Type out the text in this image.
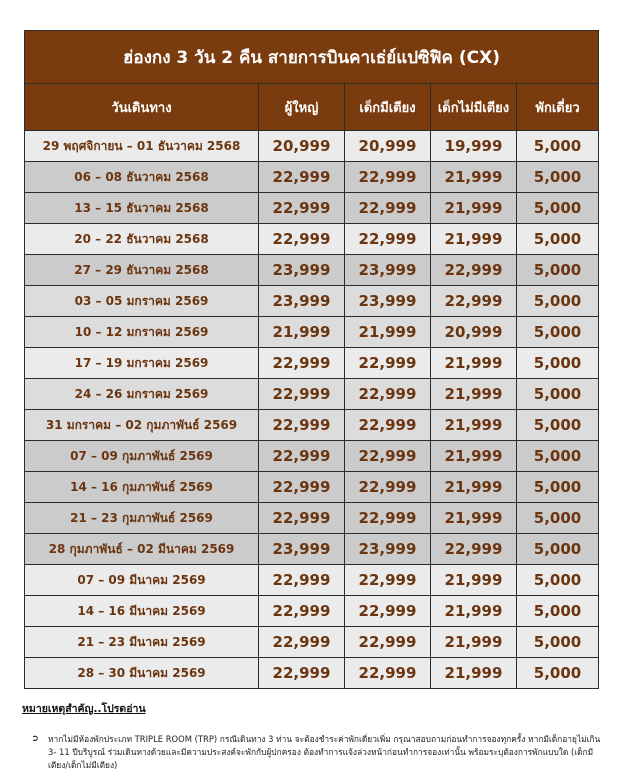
ฮ่องกง 3 วัน 2 คืน สายการบินคาเธ่ย์แปซิฟิค (CX)				
วันเดินทาง	ผู้ใหญ่	เด็กมีเตียง	เด็กไม่มีเตียง	พักเดี่ยว
29 พฤศจิกายน – 01 ธันวาคม 2568	20,999	20,999	19,999	5,000
06 – 08 ธันวาคม 2568	22,999	22,999	21,999	5,000
13 – 15 ธันวาคม 2568	22,999	22,999	21,999	5,000
20 – 22 ธันวาคม 2568	22,999	22,999	21,999	5,000
27 – 29 ธันวาคม 2568	23,999	23,999	22,999	5,000
03 – 05 มกราคม 2569	23,999	23,999	22,999	5,000
10 – 12 มกราคม 2569	21,999	21,999	20,999	5,000
17 – 19 มกราคม 2569	22,999	22,999	21,999	5,000
24 – 26 มกราคม 2569	22,999	22,999	21,999	5,000
31 มกราคม – 02 กุมภาพันธ์ 2569	22,999	22,999	21,999	5,000
07 – 09 กุมภาพันธ์ 2569	22,999	22,999	21,999	5,000
14 – 16 กุมภาพันธ์ 2569	22,999	22,999	21,999	5,000
21 – 23 กุมภาพันธ์ 2569	22,999	22,999	21,999	5,000
28 กุมภาพันธ์ – 02 มีนาคม 2569	23,999	23,999	22,999	5,000
07 – 09 มีนาคม 2569	22,999	22,999	21,999	5,000
14 – 16 มีนาคม 2569	22,999	22,999	21,999	5,000
21 – 23 มีนาคม 2569	22,999	22,999	21,999	5,000
28 – 30 มีนาคม 2569	22,999	22,999	21,999	5,000
หมายเหตุสำคัญ..โปรดอ่าน
➲	หากไม่มีห้องพักประเภท TRIPLE ROOM (TRP) กรณีเดินทาง 3 ท่าน จะต้องชำระค่าพักเดี่ยวเพิ่ม กรุณาสอบถามก่อนทำการจองทุกครั้ง หากมีเด็กอายุไม่เกิน 3- 11 ปีบริบูรณ์ ร่วมเดินทางด้วยและมีความประสงค์จะพักกับผู้ปกครอง ต้องทำการแจ้งล่วงหน้าก่อนทำการจองเท่านั้น พร้อมระบุต้องการพักแบบใด (เด็กมีเตียง/เด็กไม่มีเตียง)
